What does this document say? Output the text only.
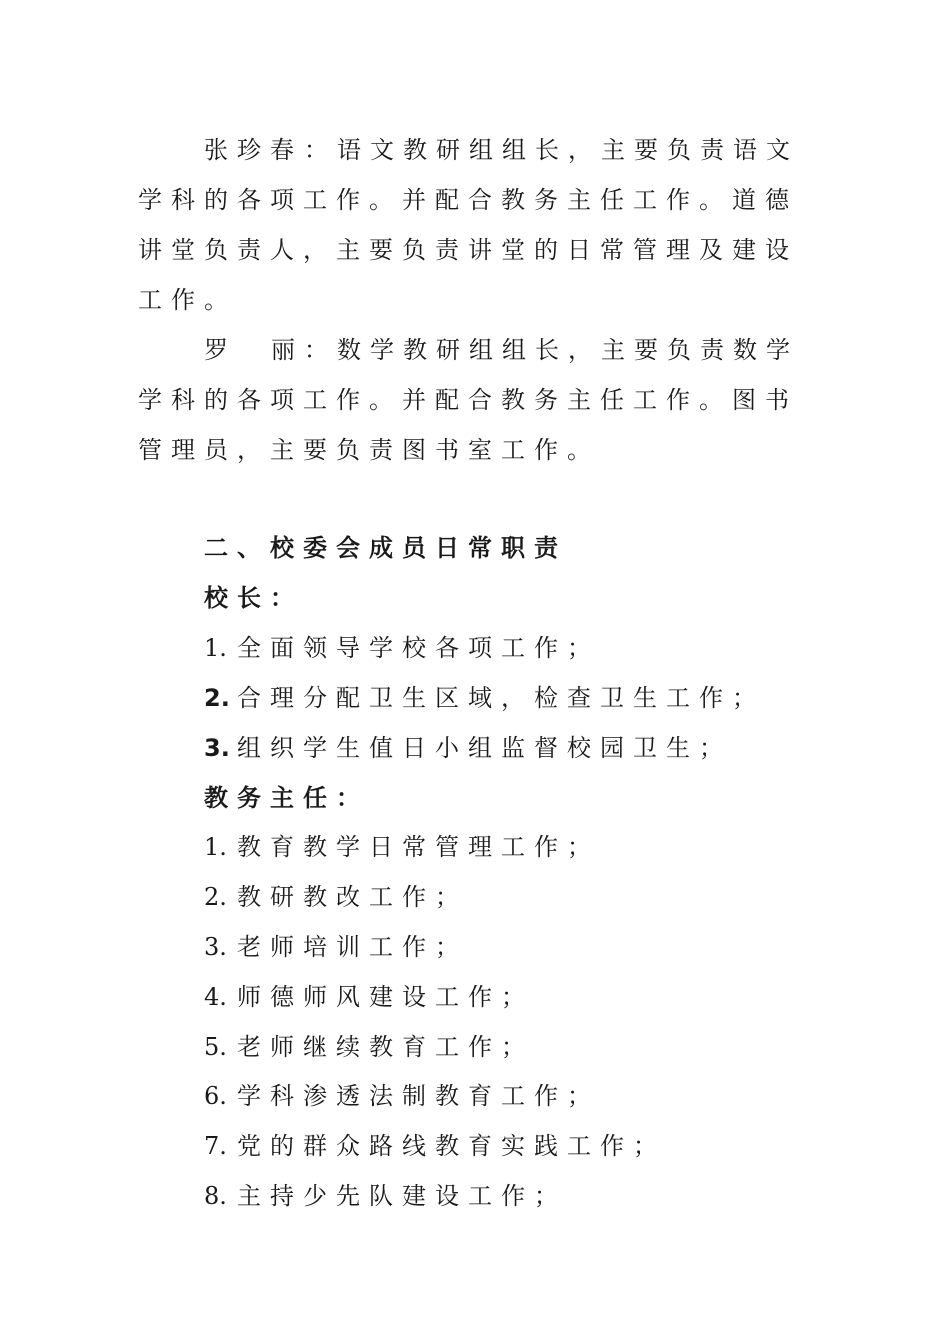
张珍春 ： 语文教研组组长，主要负责语文
学科的各项工作。并配合教务主任工作。道德
讲堂负责人，主要负责讲堂的日常管理及建设
工作。
罗 丽 ： 数学教研组组长，主要负责数学
学科的各项工作。并配合教务主任工作。图书
管理员，主要负责图书室工作。
二、校委会成员日常职责
校长：
1. 全面领导学校各项工作；
2. 合理分配卫生区域，检查卫生工作；
3. 组织学生值日小组监督校园卫生；
教务主任：
1. 教育教学日常管理工作；
2. 教研教改工作；
3. 老师培训工作；
4. 师德师风建设工作；
5. 老师继续教育工作；
6. 学科渗透法制教育工作；
7. 党的群众路线教育实践工作；
8. 主持少先队建设工作；
